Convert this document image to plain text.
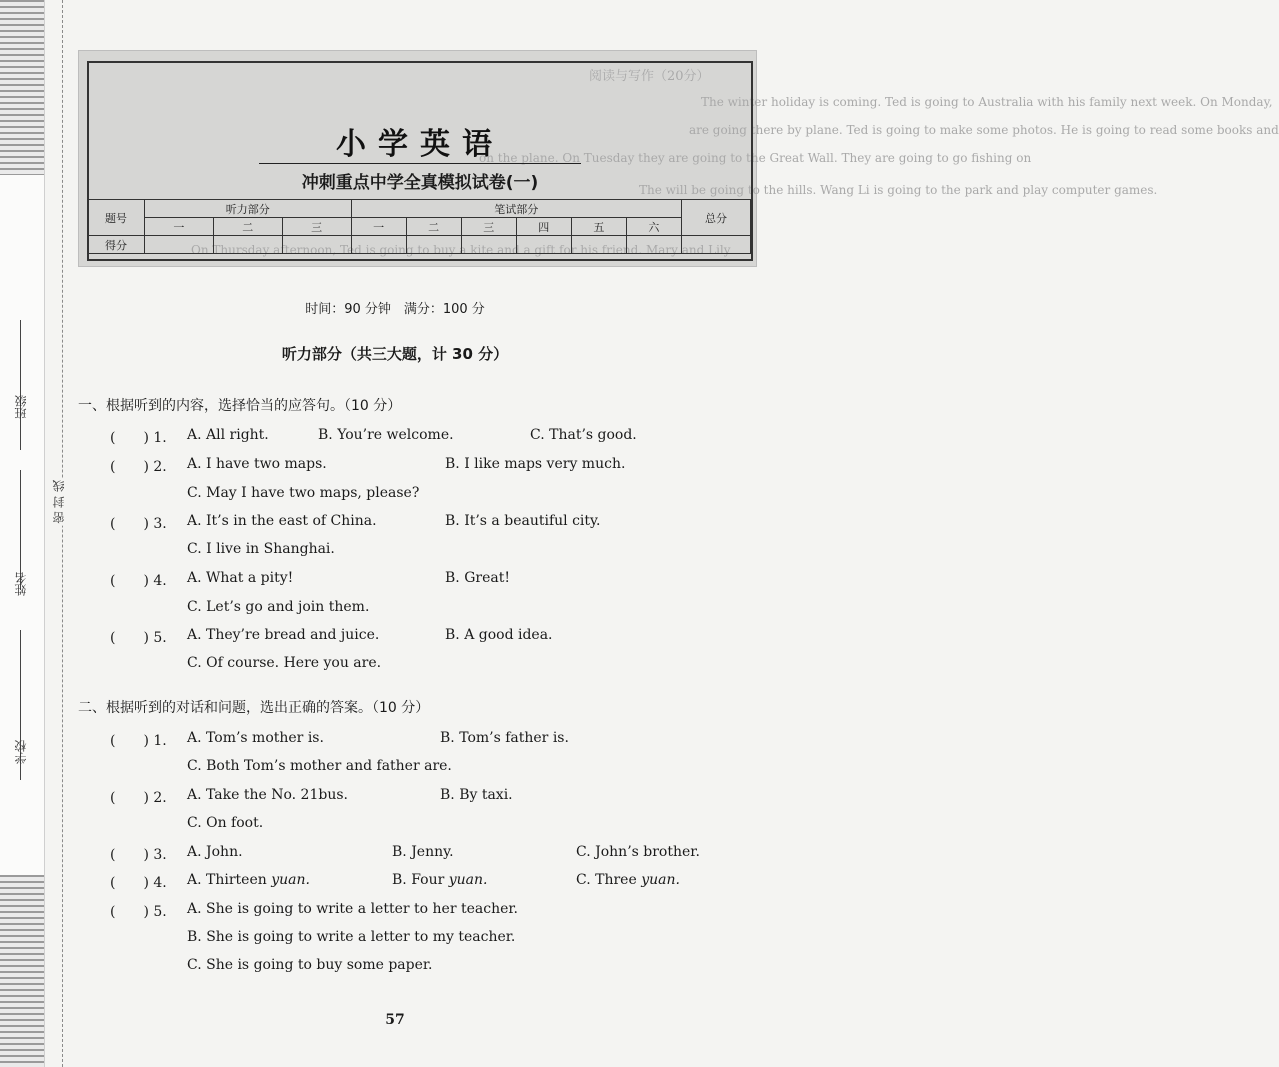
班级
姓名
学校
密 封 线
阅读与写作（20分）
The winter holiday is coming. Ted is going to Australia with his family next week. On Monday,
are going there by plane. Ted is going to make some photos. He is going to read some books and
on the plane. On Tuesday they are going to the Great Wall. They are going to go fishing on
The will be going to the hills. Wang Li is going to the park and play computer games.
On Thursday afternoon, Ted is going to buy a kite and a gift for his friend. Mary and Lily
小学英语
冲刺重点中学全真模拟试卷(一)
题号	听力部分			笔试部分						总分
	一	二	三	一	二	三	四	五	六	
得分										
时间：90 分钟　满分：100 分
听力部分（共三大题，计 30 分）
一、根据听到的内容，选择恰当的应答句。（10 分）
(　　) 1. A. All right.	B. You’re welcome.	C. That’s good.
(　　) 2. A. I have two maps.	B. I like maps very much.
C. May I have two maps, please?
(　　) 3. A. It’s in the east of China.	B. It’s a beautiful city.
C. I live in Shanghai.
(　　) 4. A. What a pity!	B. Great!
C. Let’s go and join them.
(　　) 5. A. They’re bread and juice.	B. A good idea.
C. Of course. Here you are.
二、根据听到的对话和问题，选出正确的答案。（10 分）
(　　) 1. A. Tom’s mother is.	B. Tom’s father is.
C. Both Tom’s mother and father are.
(　　) 2. A. Take the No. 21bus.	B. By taxi.
C. On foot.
(　　) 3. A. John.	B. Jenny.	C. John’s brother.
(　　) 4. A. Thirteen yuan.	B. Four yuan.	C. Three yuan.
(　　) 5. A. She is going to write a letter to her teacher.
B. She is going to write a letter to my teacher.
C. She is going to buy some paper.
57
